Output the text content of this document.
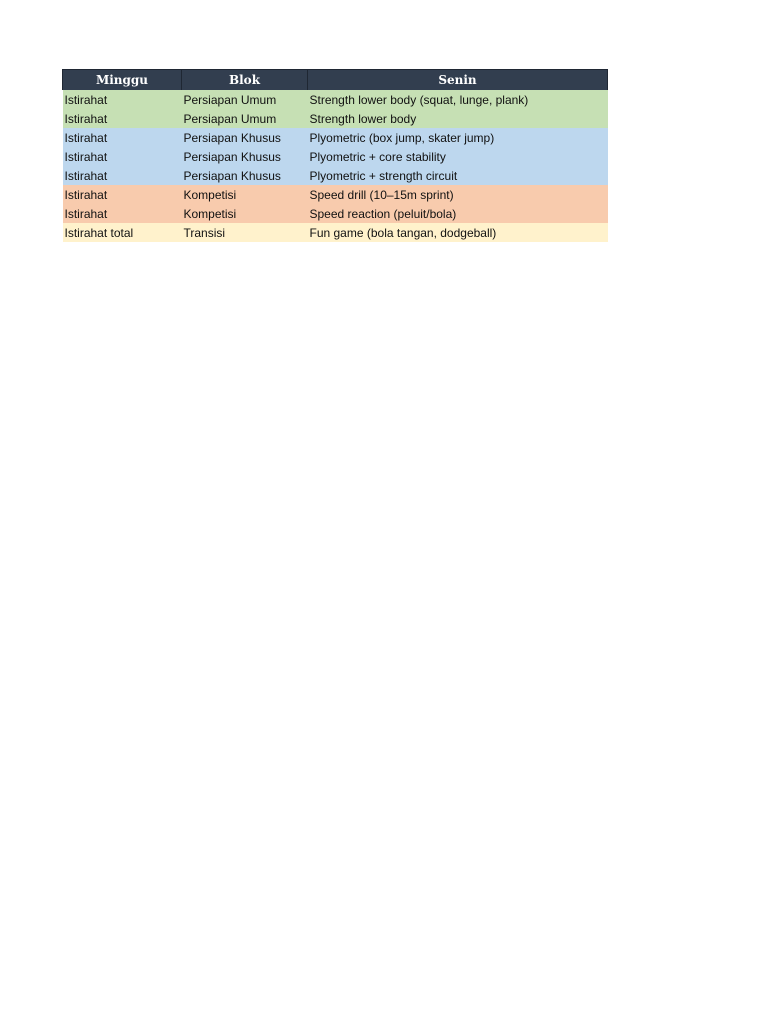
Minggu	Blok	Senin
Istirahat	Persiapan Umum	Strength lower body (squat, lunge, plank)
Istirahat	Persiapan Umum	Strength lower body
Istirahat	Persiapan Khusus	Plyometric (box jump, skater jump)
Istirahat	Persiapan Khusus	Plyometric + core stability
Istirahat	Persiapan Khusus	Plyometric + strength circuit
Istirahat	Kompetisi	Speed drill (10–15m sprint)
Istirahat	Kompetisi	Speed reaction (peluit/bola)
Istirahat total	Transisi	Fun game (bola tangan, dodgeball)
